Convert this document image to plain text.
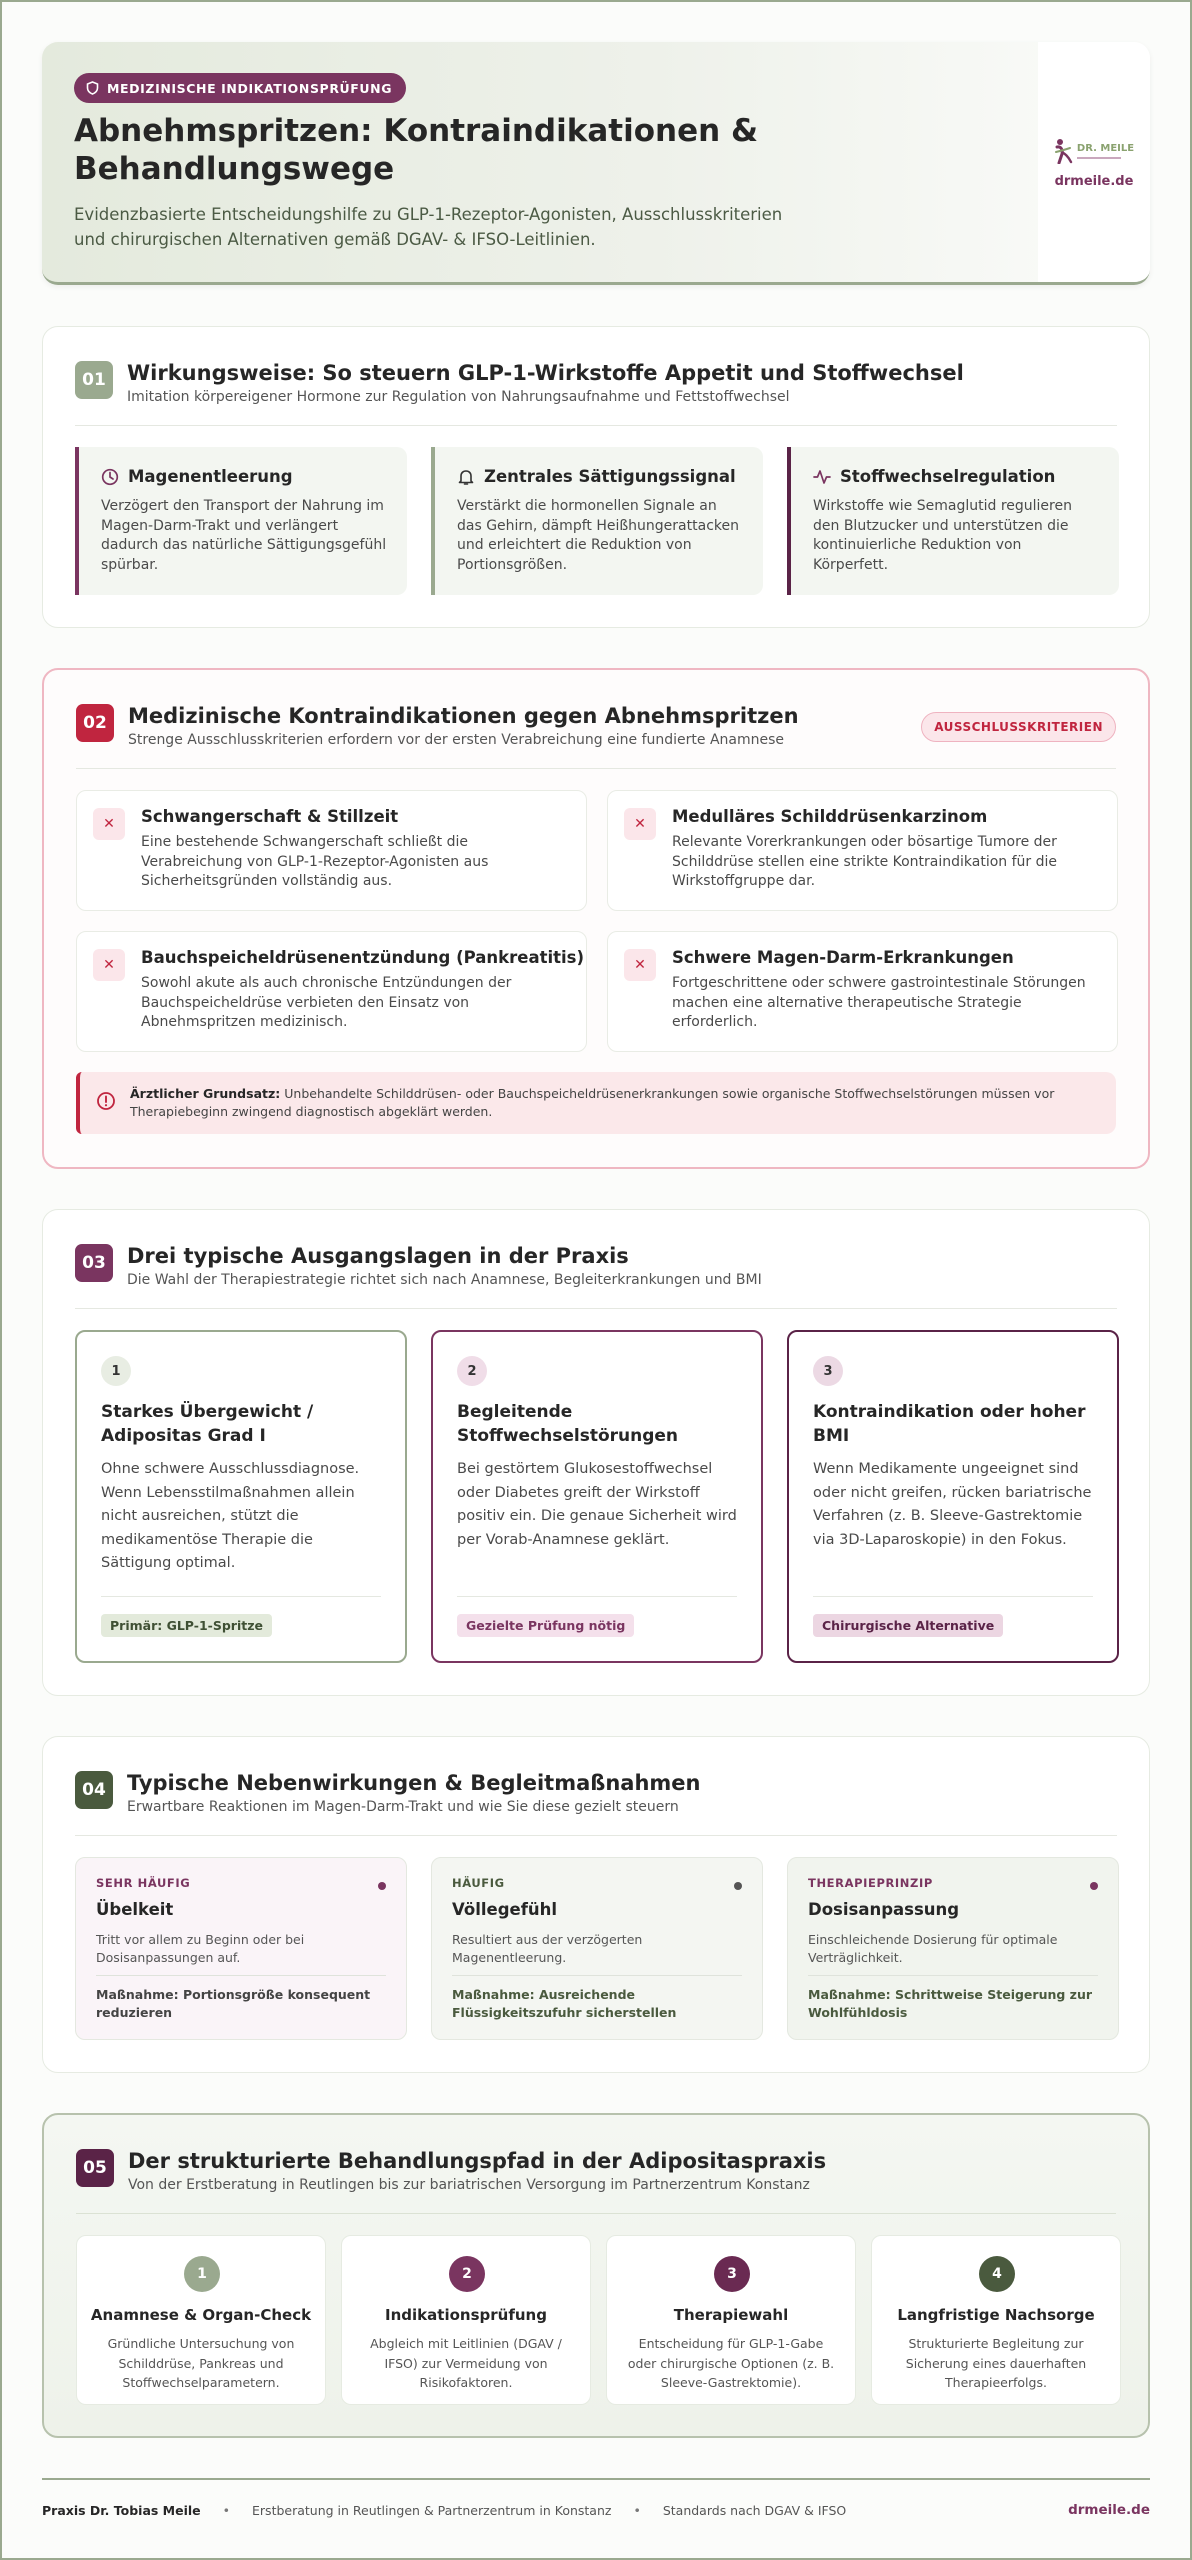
MEDIZINISCHE INDIKATIONSPRÜFUNG
Abnehmspritzen: Kontraindikationen & Behandlungswege
Evidenzbasierte Entscheidungshilfe zu GLP-1-Rezeptor-Agonisten, Ausschlusskriterien und chirurgischen Alternativen gemäß DGAV- & IFSO-Leitlinien.
DR. MEILE
drmeile.de
01	Wirkungsweise: So steuern GLP-1-Wirkstoffe Appetit und Stoffwechsel
Imitation körpereigener Hormone zur Regulation von Nahrungsaufnahme und Fettstoffwechsel
Magenentleerung
Verzögert den Transport der Nahrung im Magen-Darm-Trakt und verlängert dadurch das natürliche Sättigungsgefühl spürbar.
Zentrales Sättigungssignal
Verstärkt die hormonellen Signale an das Gehirn, dämpft Heißhungerattacken und erleichtert die Reduktion von Portionsgrößen.
Stoffwechselregulation
Wirkstoffe wie Semaglutid regulieren den Blutzucker und unterstützen die kontinuierliche Reduktion von Körperfett.
02	Medizinische Kontraindikationen gegen Abnehmspritzen
Strenge Ausschlusskriterien erfordern vor der ersten Verabreichung eine fundierte Anamnese
AUSSCHLUSSKRITERIEN
✕	Schwangerschaft & Stillzeit
Eine bestehende Schwangerschaft schließt die Verabreichung von GLP-1-Rezeptor-Agonisten aus Sicherheitsgründen vollständig aus.
✕	Medulläres Schilddrüsenkarzinom
Relevante Vorerkrankungen oder bösartige Tumore der Schilddrüse stellen eine strikte Kontraindikation für die Wirkstoffgruppe dar.
✕	Bauchspeicheldrüsenentzündung (Pankreatitis)
Sowohl akute als auch chronische Entzündungen der Bauchspeicheldrüse verbieten den Einsatz von Abnehmspritzen medizinisch.
✕	Schwere Magen-Darm-Erkrankungen
Fortgeschrittene oder schwere gastrointestinale Störungen machen eine alternative therapeutische Strategie erforderlich.
Ärztlicher Grundsatz: Unbehandelte Schilddrüsen- oder Bauchspeicheldrüsenerkrankungen sowie organische Stoffwechselstörungen müssen vor Therapiebeginn zwingend diagnostisch abgeklärt werden.
03	Drei typische Ausgangslagen in der Praxis
Die Wahl der Therapiestrategie richtet sich nach Anamnese, Begleiterkrankungen und BMI
1
Starkes Übergewicht / Adipositas Grad I
Ohne schwere Ausschlussdiagnose. Wenn Lebensstilmaßnahmen allein nicht ausreichen, stützt die medikamentöse Therapie die Sättigung optimal.
Primär: GLP-1-Spritze
2
Begleitende Stoffwechselstörungen
Bei gestörtem Glukosestoffwechsel oder Diabetes greift der Wirkstoff positiv ein. Die genaue Sicherheit wird per Vorab-Anamnese geklärt.
Gezielte Prüfung nötig
3
Kontraindikation oder hoher BMI
Wenn Medikamente ungeeignet sind oder nicht greifen, rücken bariatrische Verfahren (z. B. Sleeve-Gastrektomie via 3D-Laparoskopie) in den Fokus.
Chirurgische Alternative
04	Typische Nebenwirkungen & Begleitmaßnahmen
Erwartbare Reaktionen im Magen-Darm-Trakt und wie Sie diese gezielt steuern
SEHR HÄUFIG
Übelkeit
Tritt vor allem zu Beginn oder bei Dosisanpassungen auf.
Maßnahme: Portionsgröße konsequent reduzieren
HÄUFIG
Völlegefühl
Resultiert aus der verzögerten Magenentleerung.
Maßnahme: Ausreichende Flüssigkeitszufuhr sicherstellen
THERAPIEPRINZIP
Dosisanpassung
Einschleichende Dosierung für optimale Verträglichkeit.
Maßnahme: Schrittweise Steigerung zur Wohlfühldosis
05	Der strukturierte Behandlungspfad in der Adipositaspraxis
Von der Erstberatung in Reutlingen bis zur bariatrischen Versorgung im Partnerzentrum Konstanz
1
Anamnese & Organ-Check
Gründliche Untersuchung von Schilddrüse, Pankreas und Stoffwechselparametern.
2
Indikationsprüfung
Abgleich mit Leitlinien (DGAV / IFSO) zur Vermeidung von Risikofaktoren.
3
Therapiewahl
Entscheidung für GLP-1-Gabe oder chirurgische Optionen (z. B. Sleeve-Gastrektomie).
4
Langfristige Nachsorge
Strukturierte Begleitung zur Sicherung eines dauerhaften Therapieerfolgs.
Praxis Dr. Tobias Meile • Erstberatung in Reutlingen & Partnerzentrum in Konstanz • Standards nach DGAV & IFSO	drmeile.de
